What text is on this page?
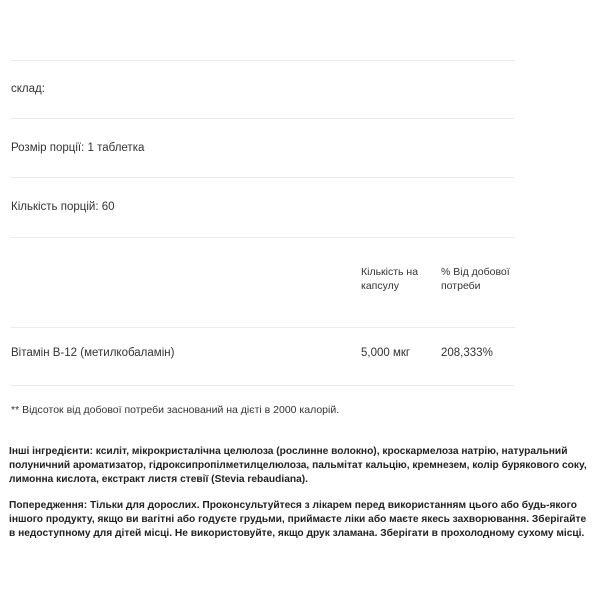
склад:
Розмір порції: 1 таблетка
Кількість порцій: 60
Кількість на капсулу
% Від добової потреби
Вітамін B-12 (метилкобаламін)	5,000 мкг	208,333%
** Відсоток від добової потреби заснований на дієті в 2000 калорій.
Інші інгредієнти: ксиліт, мікрокристалічна целюлоза (рослинне волокно), кроскармелоза натрію, натуральний полуничний ароматизатор, гідроксипропілметилцелюлоза, пальмітат кальцію, кремнезем, колір бурякового соку, лимонна кислота, екстракт листя стевії (Stevia rebaudiana).
Попередження: Тільки для дорослих. Проконсультуйтеся з лікарем перед використанням цього або будь-якого іншого продукту, якщо ви вагітні або годуєте грудьми, приймаєте ліки або маєте якесь захворювання. Зберігайте в недоступному для дітей місці. Не використовуйте, якщо друк зламана. Зберігати в прохолодному сухому місці.
